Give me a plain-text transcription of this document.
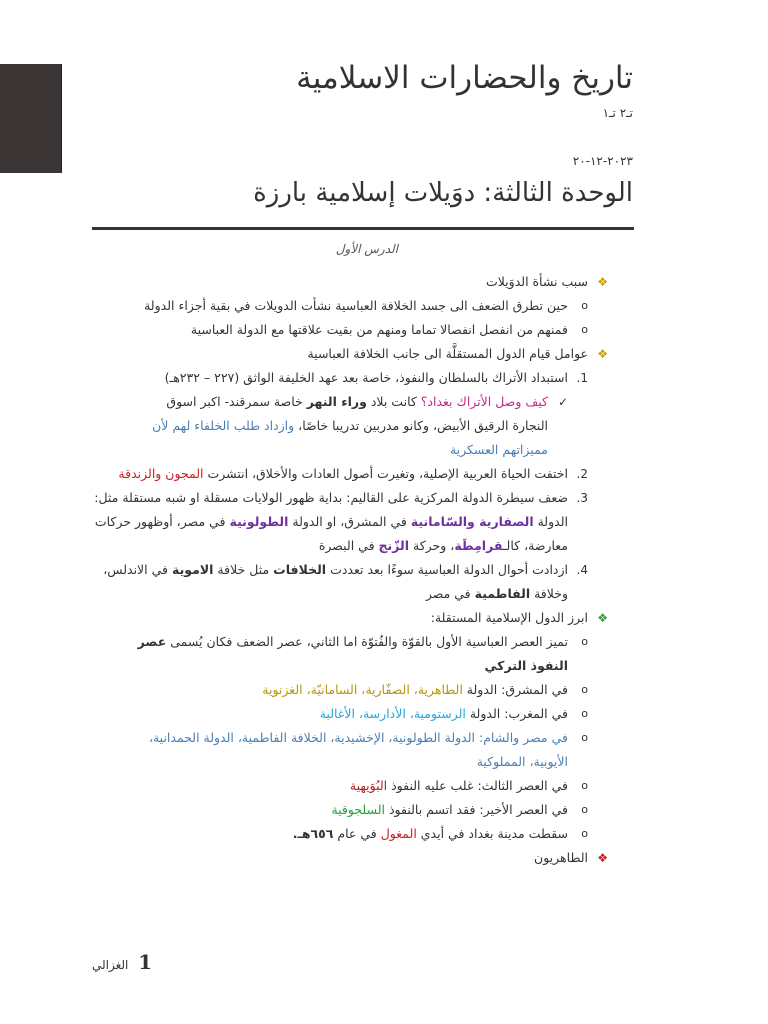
تاريخ والحضارات الاسلامية
تـ٢ تـ١
٢٠٢٣-١٢-٢٠
الوحدة الثالثة: دوَيلات إسلامية بارزة
الدرس الأول
❖
سبب نشأة الدوَيلات
o
حين تطرق الضعف الى جسد الخلافة العباسية نشأت الدويلات في بقية أجزاء الدولة
o
فمنهم من انفصل انفصالا تماما ومنهم من بقيت علاقتها مع الدولة العباسية
❖
عوامل قيام الدول المستقلَّة الى جانب الخلافة العباسية
1.
استبداد الأتراك بالسلطان والنفوذ، خاصة بعد عهد الخليفة الواثق (٢٢٧ – ٢٣٢هـ)
✓
كيف وصل الأتراك بغداد؟ كانت بلاد وراء النهر خاصة سمرقند- اكبر اسوق
النجارة الرقيق الأبيض، وكانو مدربين تدريبا خاصًا، وازداد طلب الخلفاء لهم لأن
مميزاتهم العسكرية
2.
اختفت الحياة العربية الإصلية، وتغيرت أصول العادات والأخلاق، انتشرت المجون والزندقة
3.
ضعف سيطرة الدولة المركزية على القاليم: بداية ظهور الولايات مسقلة او شبه مستقلة مثل:
الدولة الصفارية والسّامانية في المشرق، او الدولة الطولونية في مصر، أوظهور حركات
معارضة، كالـقرامِطَة، وحركة الزّنج في البصرة
4.
ازدادت أحوال الدولة العباسية سوءًا بعد تعددت الخلافات مثل خلافة الاموية في الاندلس،
وخلافة الفاطمية في مصر
❖
ابرز الدول الإسلامية المستقلة:
o
تميز العصر العباسية الأول بالقوّة والفُتوّة اما الثاني، عصر الضعف فكان يُسمى عصر
النفوذ التركي
o
في المشرق: الدولة الطاهرية، الصفّارية، السامانيّة، الغزنوية
o
في المغرب: الدولة الرستومية، الأدارسة، الأغالبة
o
في مصر والشام: الدولة الطولونية، الإخشيدية، الخلافة الفاطمية، الدولة الحمدانية،
الأيوبية، المملوكية
o
في العصر الثالث: غلب عليه النفوذ البُوَيهية
o
في العصر الأخير: فقد اتسم بالنفوذ السلجوقية
o
سقطت مدينة بغداد في أيدي المغول في عام ٦٥٦هـ.
❖
الطاهريون
1 الغزالي
